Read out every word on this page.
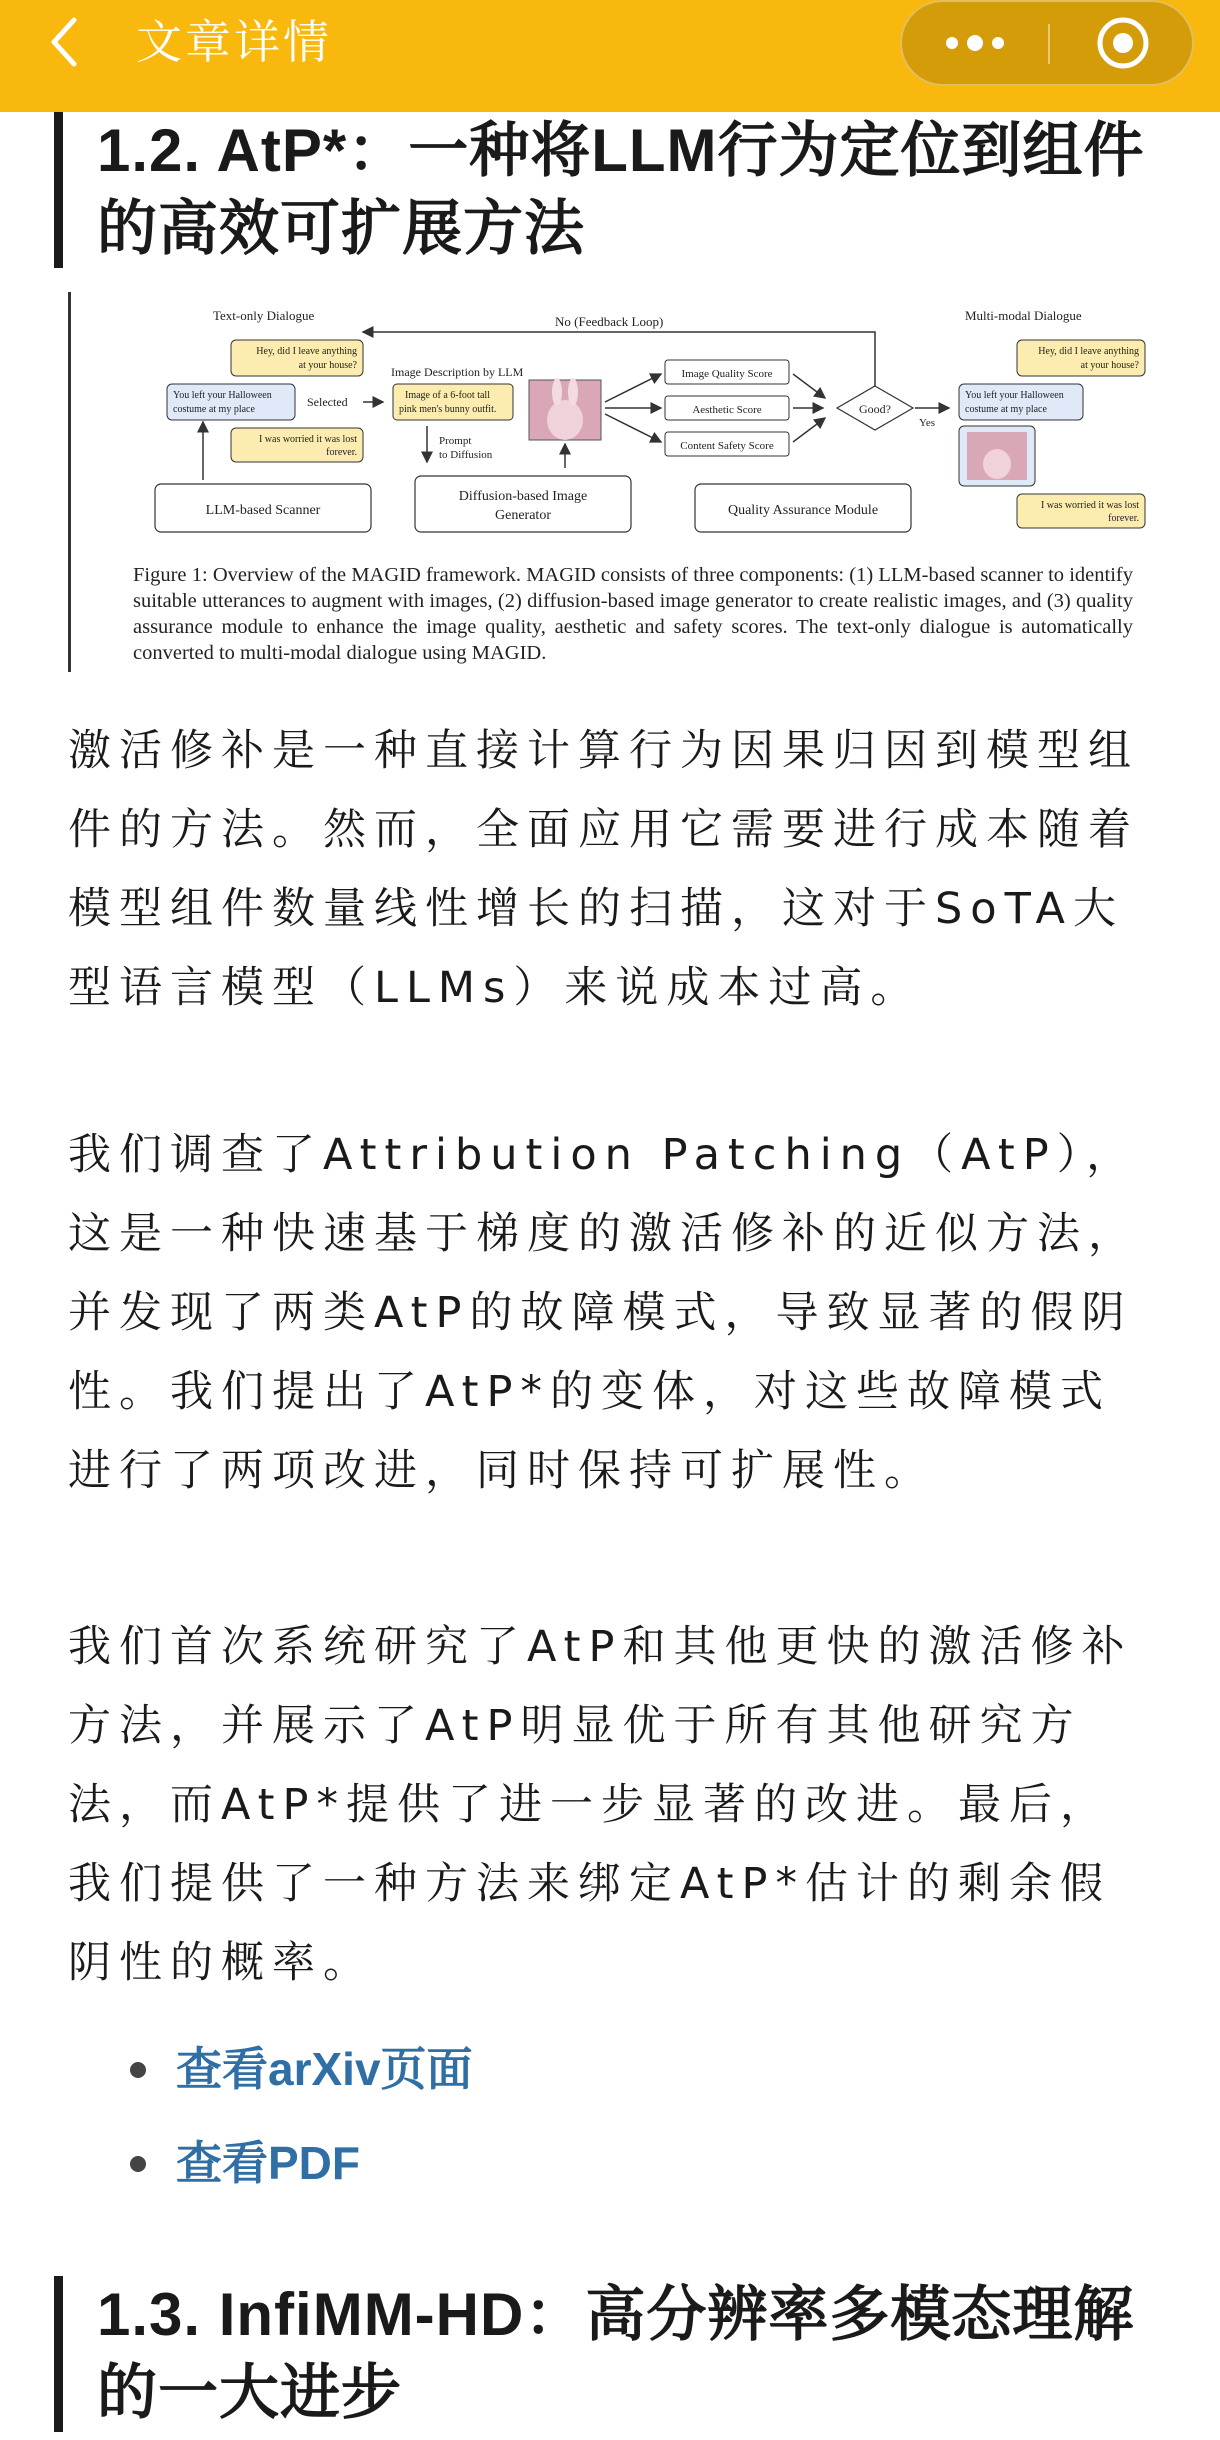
文章详情
1.2. AtP*：一种将LLM行为定位到组件的高效可扩展方法
Text-only Dialogue	No (Feedback Loop)	Multi-modal Dialogue
Hey, did I leave anything
at your house?
You left your Halloween
costume at my place
Selected
I was worried it was lost
forever.
Image Description by LLM
Image of a 6-foot tall
pink men's bunny outfit.
Prompt
to Diffusion
Image Quality Score
Aesthetic Score
Content Safety Score
Good?
Yes
Hey, did I leave anything
at your house?
You left your Halloween
costume at my place
I was worried it was lost
forever.
LLM-based Scanner
Diffusion-based Image
Generator	Quality Assurance Module
Figure 1: Overview of the MAGID framework. MAGID consists of three components: (1) LLM-based scanner to identify suitable utterances to augment with images, (2) diffusion-based image generator to create realistic images, and (3) quality assurance module to enhance the image quality, aesthetic and safety scores. The text-only dialogue is automatically converted to multi-modal dialogue using MAGID.

激活修补是一种直接计算行为因果归因到模型组件的方法。然而，全面应用它需要进行成本随着模型组件数量线性增长的扫描，这对于SoTA大型语言模型（LLMs）来说成本过高。

我们调查了Attribution Patching（AtP），这是一种快速基于梯度的激活修补的近似方法，并发现了两类AtP的故障模式，导致显著的假阴性。我们提出了AtP*的变体，对这些故障模式进行了两项改进，同时保持可扩展性。

我们首次系统研究了AtP和其他更快的激活修补方法，并展示了AtP明显优于所有其他研究方法，而AtP*提供了进一步显著的改进。最后，我们提供了一种方法来绑定AtP*估计的剩余假阴性的概率。

查看arXiv页面
查看PDF
1.3. InfiMM-HD：高分辨率多模态理解的一大进步
